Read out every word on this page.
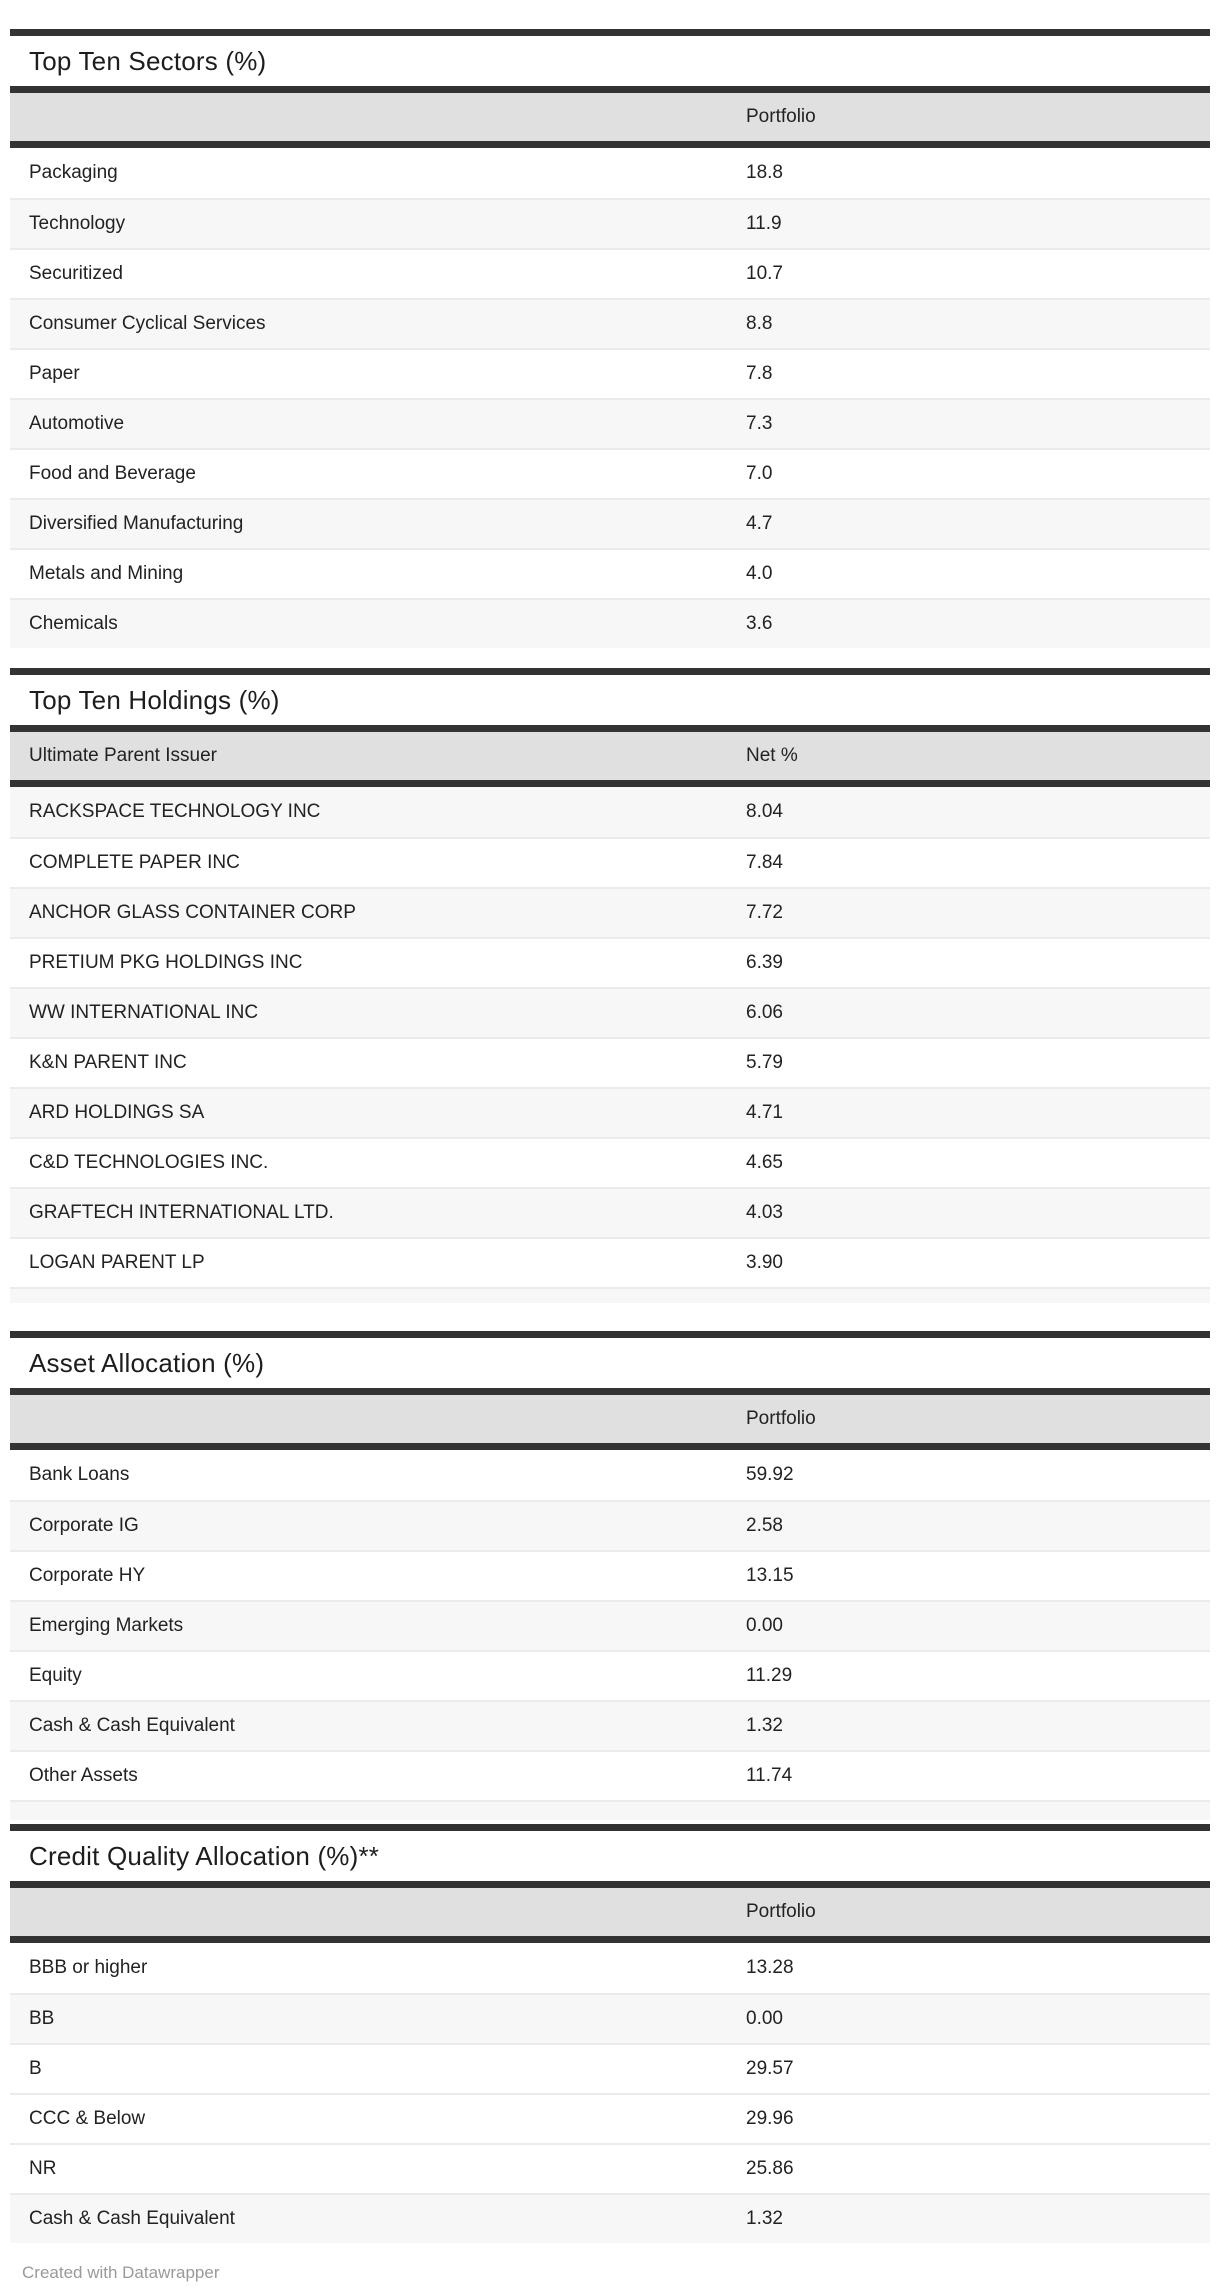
Top Ten Sectors (%)
Portfolio
Packaging	18.8
Technology	11.9
Securitized	10.7
Consumer Cyclical Services	8.8
Paper	7.8
Automotive	7.3
Food and Beverage	7.0
Diversified Manufacturing	4.7
Metals and Mining	4.0
Chemicals	3.6
Top Ten Holdings (%)
Ultimate Parent Issuer	Net %
RACKSPACE TECHNOLOGY INC	8.04
COMPLETE PAPER INC	7.84
ANCHOR GLASS CONTAINER CORP	7.72
PRETIUM PKG HOLDINGS INC	6.39
WW INTERNATIONAL INC	6.06
K&N PARENT INC	5.79
ARD HOLDINGS SA	4.71
C&D TECHNOLOGIES INC.	4.65
GRAFTECH INTERNATIONAL LTD.	4.03
LOGAN PARENT LP	3.90
Asset Allocation (%)
Portfolio
Bank Loans	59.92
Corporate IG	2.58
Corporate HY	13.15
Emerging Markets	0.00
Equity	11.29
Cash & Cash Equivalent	1.32
Other Assets	11.74
Credit Quality Allocation (%)**
Portfolio
BBB or higher	13.28
BB	0.00
B	29.57
CCC & Below	29.96
NR	25.86
Cash & Cash Equivalent	1.32
Created with Datawrapper
